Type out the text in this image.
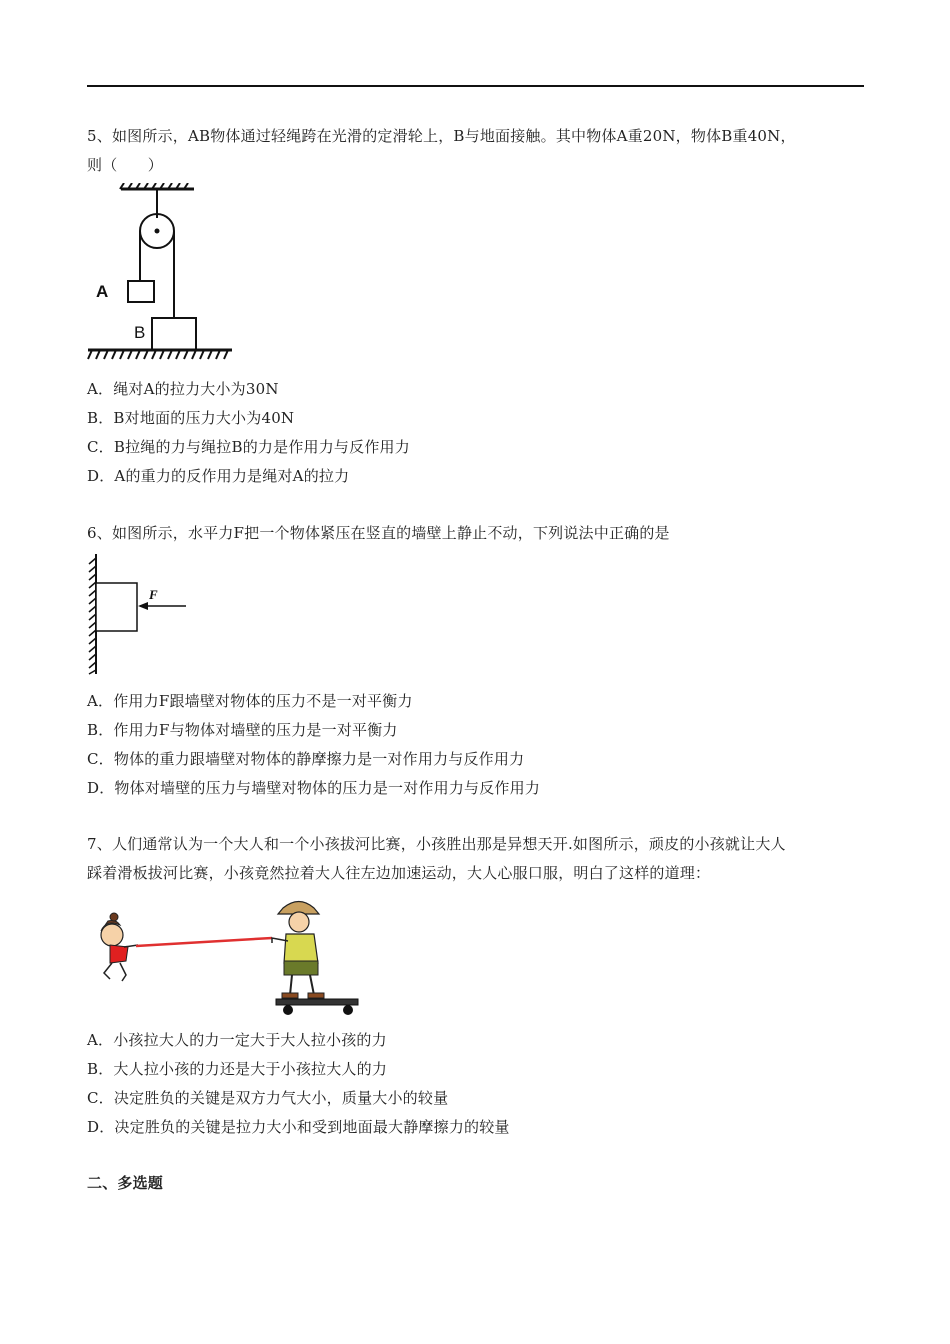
5、如图所示，AB物体通过轻绳跨在光滑的定滑轮上，B与地面接触。其中物体A重20N，物体B重40N，
则（　　）
A
B
A．绳对A的拉力大小为30N
B．B对地面的压力大小为40N
C．B拉绳的力与绳拉B的力是作用力与反作用力
D．A的重力的反作用力是绳对A的拉力
6、如图所示，水平力F把一个物体紧压在竖直的墙壁上静止不动，下列说法中正确的是
F
A．作用力F跟墙壁对物体的压力不是一对平衡力
B．作用力F与物体对墙壁的压力是一对平衡力
C．物体的重力跟墙壁对物体的静摩擦力是一对作用力与反作用力
D．物体对墙壁的压力与墙壁对物体的压力是一对作用力与反作用力
7、人们通常认为一个大人和一个小孩拔河比赛，小孩胜出那是异想天开.如图所示，顽皮的小孩就让大人
踩着滑板拔河比赛，小孩竟然拉着大人往左边加速运动，大人心服口服，明白了这样的道理：
A．小孩拉大人的力一定大于大人拉小孩的力
B．大人拉小孩的力还是大于小孩拉大人的力
C．决定胜负的关键是双方力气大小，质量大小的较量
D．决定胜负的关键是拉力大小和受到地面最大静摩擦力的较量
二、多选题
